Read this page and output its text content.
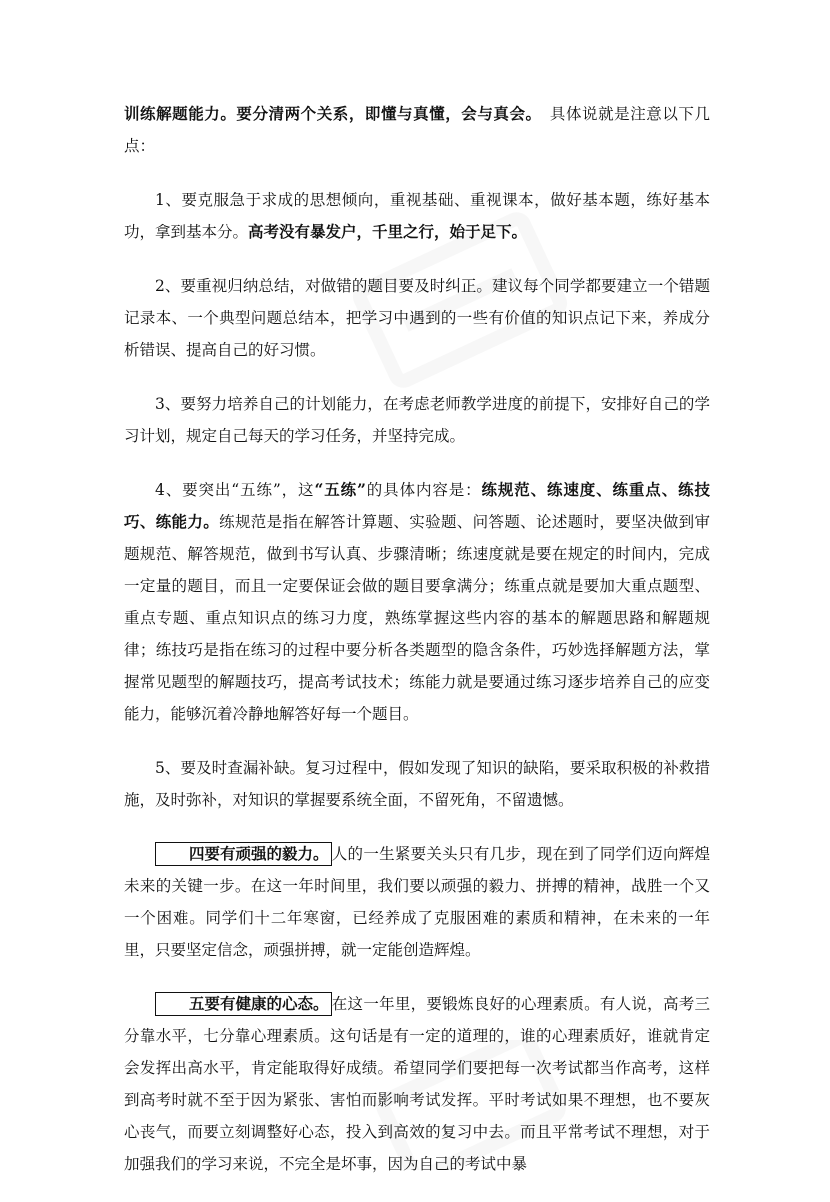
训练解题能力。要分清两个关系，即懂与真懂，会与真会。　具体说就是注意以下几点：

1、要克服急于求成的思想倾向，重视基础、重视课本，做好基本题，练好基本功，拿到基本分。高考没有暴发户，千里之行，始于足下。

2、要重视归纳总结，对做错的题目要及时纠正。建议每个同学都要建立一个错题记录本、一个典型问题总结本，把学习中遇到的一些有价值的知识点记下来，养成分析错误、提高自己的好习惯。

3、要努力培养自己的计划能力，在考虑老师教学进度的前提下，安排好自己的学习计划，规定自己每天的学习任务，并坚持完成。

4、要突出“五练”，这“五练”的具体内容是：练规范、练速度、练重点、练技巧、练能力。练规范是指在解答计算题、实验题、问答题、论述题时，要坚决做到审题规范、解答规范，做到书写认真、步骤清晰；练速度就是要在规定的时间内，完成一定量的题目，而且一定要保证会做的题目要拿满分；练重点就是要加大重点题型、重点专题、重点知识点的练习力度，熟练掌握这些内容的基本的解题思路和解题规律；练技巧是指在练习的过程中要分析各类题型的隐含条件，巧妙选择解题方法，掌握常见题型的解题技巧，提高考试技术；练能力就是要通过练习逐步培养自己的应变能力，能够沉着冷静地解答好每一个题目。

5、要及时查漏补缺。复习过程中，假如发现了知识的缺陷，要采取积极的补救措施，及时弥补，对知识的掌握要系统全面，不留死角，不留遗憾。

四要有顽强的毅力。 人的一生紧要关头只有几步，现在到了同学们迈向辉煌未来的关键一步。在这一年时间里，我们要以顽强的毅力、拼搏的精神，战胜一个又一个困难。同学们十二年寒窗，已经养成了克服困难的素质和精神，在未来的一年里，只要坚定信念，顽强拼搏，就一定能创造辉煌。

五要有健康的心态。 在这一年里，要锻炼良好的心理素质。有人说，高考三分靠水平，七分靠心理素质。这句话是有一定的道理的，谁的心理素质好，谁就肯定会发挥出高水平，肯定能取得好成绩。希望同学们要把每一次考试都当作高考，这样到高考时就不至于因为紧张、害怕而影响考试发挥。平时考试如果不理想，也不要灰心丧气，而要立刻调整好心态，投入到高效的复习中去。而且平常考试不理想，对于加强我们的学习来说，不完全是坏事，因为自己的考试中暴
